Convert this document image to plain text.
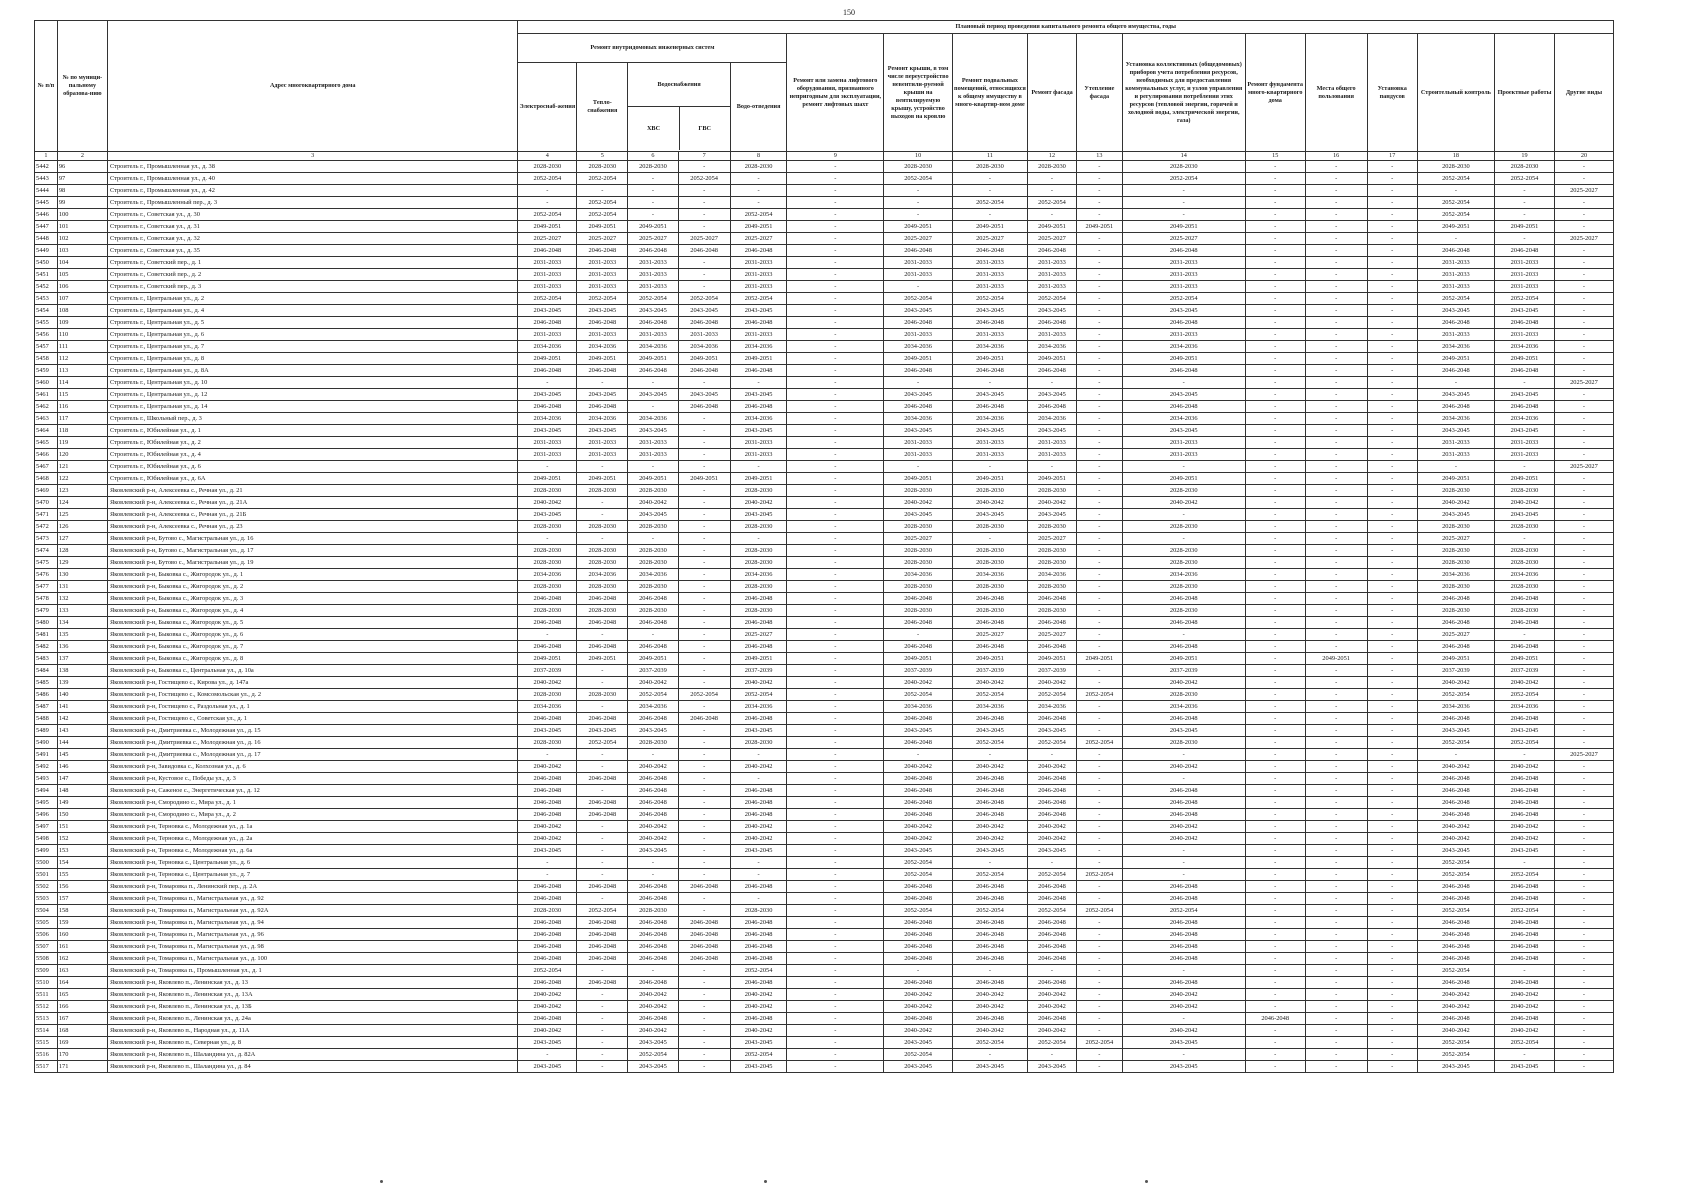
150
№ п/п	№ по муници-пальному образова-нию	Адрес многоквартирного дома	Плановый период проведения капитального ремонта общего имущества, годы																
			Ремонт внутридомовых инженерных систем					Ремонт или замена лифтового оборудования, признанного непригодным для эксплуатации, ремонт лифтовых шахт	Ремонт крыши, в том числе переустройство невентили-руемой крыши на вентилируемую крышу, устройство выходов на кровлю	Ремонт подвальных помещений, относящихся к общему имуществу в много-квартир-ном доме	Ремонт фасада	Утепление фасада	Установка коллективных (общедомовых) приборов учета потребления ресурсов, необходимых для предоставления коммунальных услуг, и узлов управления и регулирования потребления этих ресурсов (тепловой энергии, горячей и холодной воды, электрической энергии, газа)	Ремонт фундамента много-квартирного дома	Места общего пользования	Установка пандусов	Строительный контроль	Проектные работы	Другие виды
			Электроснаб-жения	Тепло-снабжения	Водоснабжения
ХВС ГВС		Водо-отведения												
1	2	3	4	5	6	7	8	9	10	11	12	13	14	15	16	17	18	19	20
5442	96	Строитель г., Промышленная ул., д. 38	2028-2030	2028-2030	2028-2030	-	2028-2030	-	2028-2030	2028-2030	2028-2030	-	2028-2030	-	-	-	2028-2030	2028-2030	-
5443	97	Строитель г., Промышленная ул., д. 40	2052-2054	2052-2054	-	2052-2054	-	-	2052-2054	-	-	-	2052-2054	-	-	-	2052-2054	2052-2054	-
5444	98	Строитель г., Промышленная ул., д. 42	-	-	-	-	-	-	-	-	-	-	-	-	-	-	-	-	2025-2027
5445	99	Строитель г., Промышленный пер., д. 3	-	2052-2054	-	-	-	-	-	2052-2054	2052-2054	-	-	-	-	-	2052-2054	-	-
5446	100	Строитель г., Советская ул., д. 30	2052-2054	2052-2054	-	-	2052-2054	-	-	-	-	-	-	-	-	-	2052-2054	-	-
5447	101	Строитель г., Советская ул., д. 31	2049-2051	2049-2051	2049-2051	-	2049-2051	-	2049-2051	2049-2051	2049-2051	2049-2051	2049-2051	-	-	-	2049-2051	2049-2051	-
5448	102	Строитель г., Советская ул., д. 32	2025-2027	2025-2027	2025-2027	2025-2027	2025-2027	-	2025-2027	2025-2027	2025-2027	-	2025-2027	-	-	-	-	-	2025-2027
5449	103	Строитель г., Советская ул., д. 35	2046-2048	2046-2048	2046-2048	2046-2048	2046-2048	-	2046-2048	2046-2048	2046-2048	-	2046-2048	-	-	-	2046-2048	2046-2048	-
5450	104	Строитель г., Советский пер., д. 1	2031-2033	2031-2033	2031-2033	-	2031-2033	-	2031-2033	2031-2033	2031-2033	-	2031-2033	-	-	-	2031-2033	2031-2033	-
5451	105	Строитель г., Советский пер., д. 2	2031-2033	2031-2033	2031-2033	-	2031-2033	-	2031-2033	2031-2033	2031-2033	-	2031-2033	-	-	-	2031-2033	2031-2033	-
5452	106	Строитель г., Советский пер., д. 3	2031-2033	2031-2033	2031-2033	-	2031-2033	-	-	2031-2033	2031-2033	-	2031-2033	-	-	-	2031-2033	2031-2033	-
5453	107	Строитель г., Центральная ул., д. 2	2052-2054	2052-2054	2052-2054	2052-2054	2052-2054	-	2052-2054	2052-2054	2052-2054	-	2052-2054	-	-	-	2052-2054	2052-2054	-
5454	108	Строитель г., Центральная ул., д. 4	2043-2045	2043-2045	2043-2045	2043-2045	2043-2045	-	2043-2045	2043-2045	2043-2045	-	2043-2045	-	-	-	2043-2045	2043-2045	-
5455	109	Строитель г., Центральная ул., д. 5	2046-2048	2046-2048	2046-2048	2046-2048	2046-2048	-	2046-2048	2046-2048	2046-2048	-	2046-2048	-	-	-	2046-2048	2046-2048	-
5456	110	Строитель г., Центральная ул., д. 6	2031-2033	2031-2033	2031-2033	2031-2033	2031-2033	-	2031-2033	2031-2033	2031-2033	-	2031-2033	-	-	-	2031-2033	2031-2033	-
5457	111	Строитель г., Центральная ул., д. 7	2034-2036	2034-2036	2034-2036	2034-2036	2034-2036	-	2034-2036	2034-2036	2034-2036	-	2034-2036	-	-	-	2034-2036	2034-2036	-
5458	112	Строитель г., Центральная ул., д. 8	2049-2051	2049-2051	2049-2051	2049-2051	2049-2051	-	2049-2051	2049-2051	2049-2051	-	2049-2051	-	-	-	2049-2051	2049-2051	-
5459	113	Строитель г., Центральная ул., д. 8А	2046-2048	2046-2048	2046-2048	2046-2048	2046-2048	-	2046-2048	2046-2048	2046-2048	-	2046-2048	-	-	-	2046-2048	2046-2048	-
5460	114	Строитель г., Центральная ул., д. 10	-	-	-	-	-	-	-	-	-	-	-	-	-	-	-	-	2025-2027
5461	115	Строитель г., Центральная ул., д. 12	2043-2045	2043-2045	2043-2045	2043-2045	2043-2045	-	2043-2045	2043-2045	2043-2045	-	2043-2045	-	-	-	2043-2045	2043-2045	-
5462	116	Строитель г., Центральная ул., д. 14	2046-2048	2046-2048	-	2046-2048	2046-2048	-	2046-2048	2046-2048	2046-2048	-	2046-2048	-	-	-	2046-2048	2046-2048	-
5463	117	Строитель г., Школьный пер., д. 3	2034-2036	2034-2036	2034-2036	-	2034-2036	-	2034-2036	2034-2036	2034-2036	-	2034-2036	-	-	-	2034-2036	2034-2036	-
5464	118	Строитель г., Юбилейная ул., д. 1	2043-2045	2043-2045	2043-2045	-	2043-2045	-	2043-2045	2043-2045	2043-2045	-	2043-2045	-	-	-	2043-2045	2043-2045	-
5465	119	Строитель г., Юбилейная ул., д. 2	2031-2033	2031-2033	2031-2033	-	2031-2033	-	2031-2033	2031-2033	2031-2033	-	2031-2033	-	-	-	2031-2033	2031-2033	-
5466	120	Строитель г., Юбилейная ул., д. 4	2031-2033	2031-2033	2031-2033	-	2031-2033	-	2031-2033	2031-2033	2031-2033	-	2031-2033	-	-	-	2031-2033	2031-2033	-
5467	121	Строитель г., Юбилейная ул., д. 6	-	-	-	-	-	-	-	-	-	-	-	-	-	-	-	-	2025-2027
5468	122	Строитель г., Юбилейная ул., д. 6А	2049-2051	2049-2051	2049-2051	2049-2051	2049-2051	-	2049-2051	2049-2051	2049-2051	-	2049-2051	-	-	-	2049-2051	2049-2051	-
5469	123	Яковлевский р-н, Алексеевка с., Речная ул., д. 21	2028-2030	2028-2030	2028-2030	-	2028-2030	-	2028-2030	2028-2030	2028-2030	-	2028-2030	-	-	-	2028-2030	2028-2030	-
5470	124	Яковлевский р-н, Алексеевка с., Речная ул., д. 21А	2040-2042	-	2040-2042	-	2040-2042	-	2040-2042	2040-2042	2040-2042	-	2040-2042	-	-	-	2040-2042	2040-2042	-
5471	125	Яковлевский р-н, Алексеевка с., Речная ул., д. 21Б	2043-2045	-	2043-2045	-	2043-2045	-	2043-2045	2043-2045	2043-2045	-	-	-	-	-	2043-2045	2043-2045	-
5472	126	Яковлевский р-н, Алексеевка с., Речная ул., д. 23	2028-2030	2028-2030	2028-2030	-	2028-2030	-	2028-2030	2028-2030	2028-2030	-	2028-2030	-	-	-	2028-2030	2028-2030	-
5473	127	Яковлевский р-н, Бутово с., Магистральная ул., д. 16	-	-	-	-	-	-	2025-2027	-	2025-2027	-	-	-	-	-	2025-2027	-	-
5474	128	Яковлевский р-н, Бутово с., Магистральная ул., д. 17	2028-2030	2028-2030	2028-2030	-	2028-2030	-	2028-2030	2028-2030	2028-2030	-	2028-2030	-	-	-	2028-2030	2028-2030	-
5475	129	Яковлевский р-н, Бутово с., Магистральная ул., д. 19	2028-2030	2028-2030	2028-2030	-	2028-2030	-	2028-2030	2028-2030	2028-2030	-	2028-2030	-	-	-	2028-2030	2028-2030	-
5476	130	Яковлевский р-н, Быковка с., Жигородок ул., д. 1	2034-2036	2034-2036	2034-2036	-	2034-2036	-	2034-2036	2034-2036	2034-2036	-	2034-2036	-	-	-	2034-2036	2034-2036	-
5477	131	Яковлевский р-н, Быковка с., Жигородок ул., д. 2	2028-2030	2028-2030	2028-2030	-	2028-2030	-	2028-2030	2028-2030	2028-2030	-	2028-2030	-	-	-	2028-2030	2028-2030	-
5478	132	Яковлевский р-н, Быковка с., Жигородок ул., д. 3	2046-2048	2046-2048	2046-2048	-	2046-2048	-	2046-2048	2046-2048	2046-2048	-	2046-2048	-	-	-	2046-2048	2046-2048	-
5479	133	Яковлевский р-н, Быковка с., Жигородок ул., д. 4	2028-2030	2028-2030	2028-2030	-	2028-2030	-	2028-2030	2028-2030	2028-2030	-	2028-2030	-	-	-	2028-2030	2028-2030	-
5480	134	Яковлевский р-н, Быковка с., Жигородок ул., д. 5	2046-2048	2046-2048	2046-2048	-	2046-2048	-	2046-2048	2046-2048	2046-2048	-	2046-2048	-	-	-	2046-2048	2046-2048	-
5481	135	Яковлевский р-н, Быковка с., Жигородок ул., д. 6	-	-	-	-	2025-2027	-	-	2025-2027	2025-2027	-	-	-	-	-	2025-2027	-	-
5482	136	Яковлевский р-н, Быковка с., Жигородок ул., д. 7	2046-2048	2046-2048	2046-2048	-	2046-2048	-	2046-2048	2046-2048	2046-2048	-	2046-2048	-	-	-	2046-2048	2046-2048	-
5483	137	Яковлевский р-н, Быковка с., Жигородок ул., д. 8	2049-2051	2049-2051	2049-2051	-	2049-2051	-	2049-2051	2049-2051	2049-2051	2049-2051	2049-2051	-	2049-2051	-	2049-2051	2049-2051	-
5484	138	Яковлевский р-н, Быковка с., Центральная ул., д. 10а	2037-2039	-	2037-2039	-	2037-2039	-	2037-2039	2037-2039	2037-2039	-	2037-2039	-	-	-	2037-2039	2037-2039	-
5485	139	Яковлевский р-н, Гостищево с., Кирова ул., д. 147а	2040-2042	-	2040-2042	-	2040-2042	-	2040-2042	2040-2042	2040-2042	-	2040-2042	-	-	-	2040-2042	2040-2042	-
5486	140	Яковлевский р-н, Гостищево с., Комсомольская ул., д. 2	2028-2030	2028-2030	2052-2054	2052-2054	2052-2054	-	2052-2054	2052-2054	2052-2054	2052-2054	2028-2030	-	-	-	2052-2054	2052-2054	-
5487	141	Яковлевский р-н, Гостищево с., Раздольная ул., д. 1	2034-2036	-	2034-2036	-	2034-2036	-	2034-2036	2034-2036	2034-2036	-	2034-2036	-	-	-	2034-2036	2034-2036	-
5488	142	Яковлевский р-н, Гостищево с., Советская ул., д. 1	2046-2048	2046-2048	2046-2048	2046-2048	2046-2048	-	2046-2048	2046-2048	2046-2048	-	2046-2048	-	-	-	2046-2048	2046-2048	-
5489	143	Яковлевский р-н, Дмитриевка с., Молодежная ул., д. 15	2043-2045	2043-2045	2043-2045	-	2043-2045	-	2043-2045	2043-2045	2043-2045	-	2043-2045	-	-	-	2043-2045	2043-2045	-
5490	144	Яковлевский р-н, Дмитриевка с., Молодежная ул., д. 16	2028-2030	2052-2054	2028-2030	-	2028-2030	-	2046-2048	2052-2054	2052-2054	2052-2054	2028-2030	-	-	-	2052-2054	2052-2054	-
5491	145	Яковлевский р-н, Дмитриевка с., Молодежная ул., д. 17	-	-	-	-	-	-	-	-	-	-	-	-	-	-	-	-	2025-2027
5492	146	Яковлевский р-н, Завидовка с., Колхозная ул., д. 6	2040-2042	-	2040-2042	-	2040-2042	-	2040-2042	2040-2042	2040-2042	-	2040-2042	-	-	-	2040-2042	2040-2042	-
5493	147	Яковлевский р-н, Кустовое с., Победы ул., д. 3	2046-2048	2046-2048	2046-2048	-	-	-	2046-2048	2046-2048	2046-2048	-	-	-	-	-	2046-2048	2046-2048	-
5494	148	Яковлевский р-н, Саженое с., Энергетическая ул., д. 12	2046-2048	-	2046-2048	-	2046-2048	-	2046-2048	2046-2048	2046-2048	-	2046-2048	-	-	-	2046-2048	2046-2048	-
5495	149	Яковлевский р-н, Смородино с., Мира ул., д. 1	2046-2048	2046-2048	2046-2048	-	2046-2048	-	2046-2048	2046-2048	2046-2048	-	2046-2048	-	-	-	2046-2048	2046-2048	-
5496	150	Яковлевский р-н, Смородино с., Мира ул., д. 2	2046-2048	2046-2048	2046-2048	-	2046-2048	-	2046-2048	2046-2048	2046-2048	-	2046-2048	-	-	-	2046-2048	2046-2048	-
5497	151	Яковлевский р-н, Терновка с., Молодежная ул., д. 1а	2040-2042	-	2040-2042	-	2040-2042	-	2040-2042	2040-2042	2040-2042	-	2040-2042	-	-	-	2040-2042	2040-2042	-
5498	152	Яковлевский р-н, Терновка с., Молодежная ул., д. 2а	2040-2042	-	2040-2042	-	2040-2042	-	2040-2042	2040-2042	2040-2042	-	2040-2042	-	-	-	2040-2042	2040-2042	-
5499	153	Яковлевский р-н, Терновка с., Молодежная ул., д. 6а	2043-2045	-	2043-2045	-	2043-2045	-	2043-2045	2043-2045	2043-2045	-	-	-	-	-	2043-2045	2043-2045	-
5500	154	Яковлевский р-н, Терновка с., Центральная ул., д. 6	-	-	-	-	-	-	2052-2054	-	-	-	-	-	-	-	2052-2054	-	-
5501	155	Яковлевский р-н, Терновка с., Центральная ул., д. 7	-	-	-	-	-	-	2052-2054	2052-2054	2052-2054	2052-2054	-	-	-	-	2052-2054	2052-2054	-
5502	156	Яковлевский р-н, Томаровка п., Ленинский пер., д. 2А	2046-2048	2046-2048	2046-2048	2046-2048	2046-2048	-	2046-2048	2046-2048	2046-2048	-	2046-2048	-	-	-	2046-2048	2046-2048	-
5503	157	Яковлевский р-н, Томаровка п., Магистральная ул., д. 92	2046-2048	-	2046-2048	-	-	-	2046-2048	2046-2048	2046-2048	-	2046-2048	-	-	-	2046-2048	2046-2048	-
5504	158	Яковлевский р-н, Томаровка п., Магистральная ул., д. 92А	2028-2030	2052-2054	2028-2030	-	2028-2030	-	2052-2054	2052-2054	2052-2054	2052-2054	2052-2054	-	-	-	2052-2054	2052-2054	-
5505	159	Яковлевский р-н, Томаровка п., Магистральная ул., д. 94	2046-2048	2046-2048	2046-2048	2046-2048	2046-2048	-	2046-2048	2046-2048	2046-2048	-	2046-2048	-	-	-	2046-2048	2046-2048	-
5506	160	Яковлевский р-н, Томаровка п., Магистральная ул., д. 96	2046-2048	2046-2048	2046-2048	2046-2048	2046-2048	-	2046-2048	2046-2048	2046-2048	-	2046-2048	-	-	-	2046-2048	2046-2048	-
5507	161	Яковлевский р-н, Томаровка п., Магистральная ул., д. 98	2046-2048	2046-2048	2046-2048	2046-2048	2046-2048	-	2046-2048	2046-2048	2046-2048	-	2046-2048	-	-	-	2046-2048	2046-2048	-
5508	162	Яковлевский р-н, Томаровка п., Магистральная ул., д. 100	2046-2048	2046-2048	2046-2048	2046-2048	2046-2048	-	2046-2048	2046-2048	2046-2048	-	2046-2048	-	-	-	2046-2048	2046-2048	-
5509	163	Яковлевский р-н, Томаровка п., Промышленная ул., д. 1	2052-2054	-	-	-	2052-2054	-	-	-	-	-	-	-	-	-	2052-2054	-	-
5510	164	Яковлевский р-н, Яковлево п., Ленинская ул., д. 13	2046-2048	2046-2048	2046-2048	-	2046-2048	-	2046-2048	2046-2048	2046-2048	-	2046-2048	-	-	-	2046-2048	2046-2048	-
5511	165	Яковлевский р-н, Яковлево п., Ленинская ул., д. 13А	2040-2042	-	2040-2042	-	2040-2042	-	2040-2042	2040-2042	2040-2042	-	2040-2042	-	-	-	2040-2042	2040-2042	-
5512	166	Яковлевский р-н, Яковлево п., Ленинская ул., д. 13Б	2040-2042	-	2040-2042	-	2040-2042	-	2040-2042	2040-2042	2040-2042	-	2040-2042	-	-	-	2040-2042	2040-2042	-
5513	167	Яковлевский р-н, Яковлево п., Ленинская ул., д. 24а	2046-2048	-	2046-2048	-	2046-2048	-	2046-2048	2046-2048	2046-2048	-	-	2046-2048	-	-	2046-2048	2046-2048	-
5514	168	Яковлевский р-н, Яковлево п., Народная ул., д. 11А	2040-2042	-	2040-2042	-	2040-2042	-	2040-2042	2040-2042	2040-2042	-	2040-2042	-	-	-	2040-2042	2040-2042	-
5515	169	Яковлевский р-н, Яковлево п., Северная ул., д. 8	2043-2045	-	2043-2045	-	2043-2045	-	2043-2045	2052-2054	2052-2054	2052-2054	2043-2045	-	-	-	2052-2054	2052-2054	-
5516	170	Яковлевский р-н, Яковлево п., Шаландина ул., д. 82А	-	-	2052-2054	-	2052-2054	-	2052-2054	-	-	-	-	-	-	-	2052-2054	-	-
5517	171	Яковлевский р-н, Яковлево п., Шаландина ул., д. 84	2043-2045	-	2043-2045	-	2043-2045	-	2043-2045	2043-2045	2043-2045	-	2043-2045	-	-	-	2043-2045	2043-2045	-
